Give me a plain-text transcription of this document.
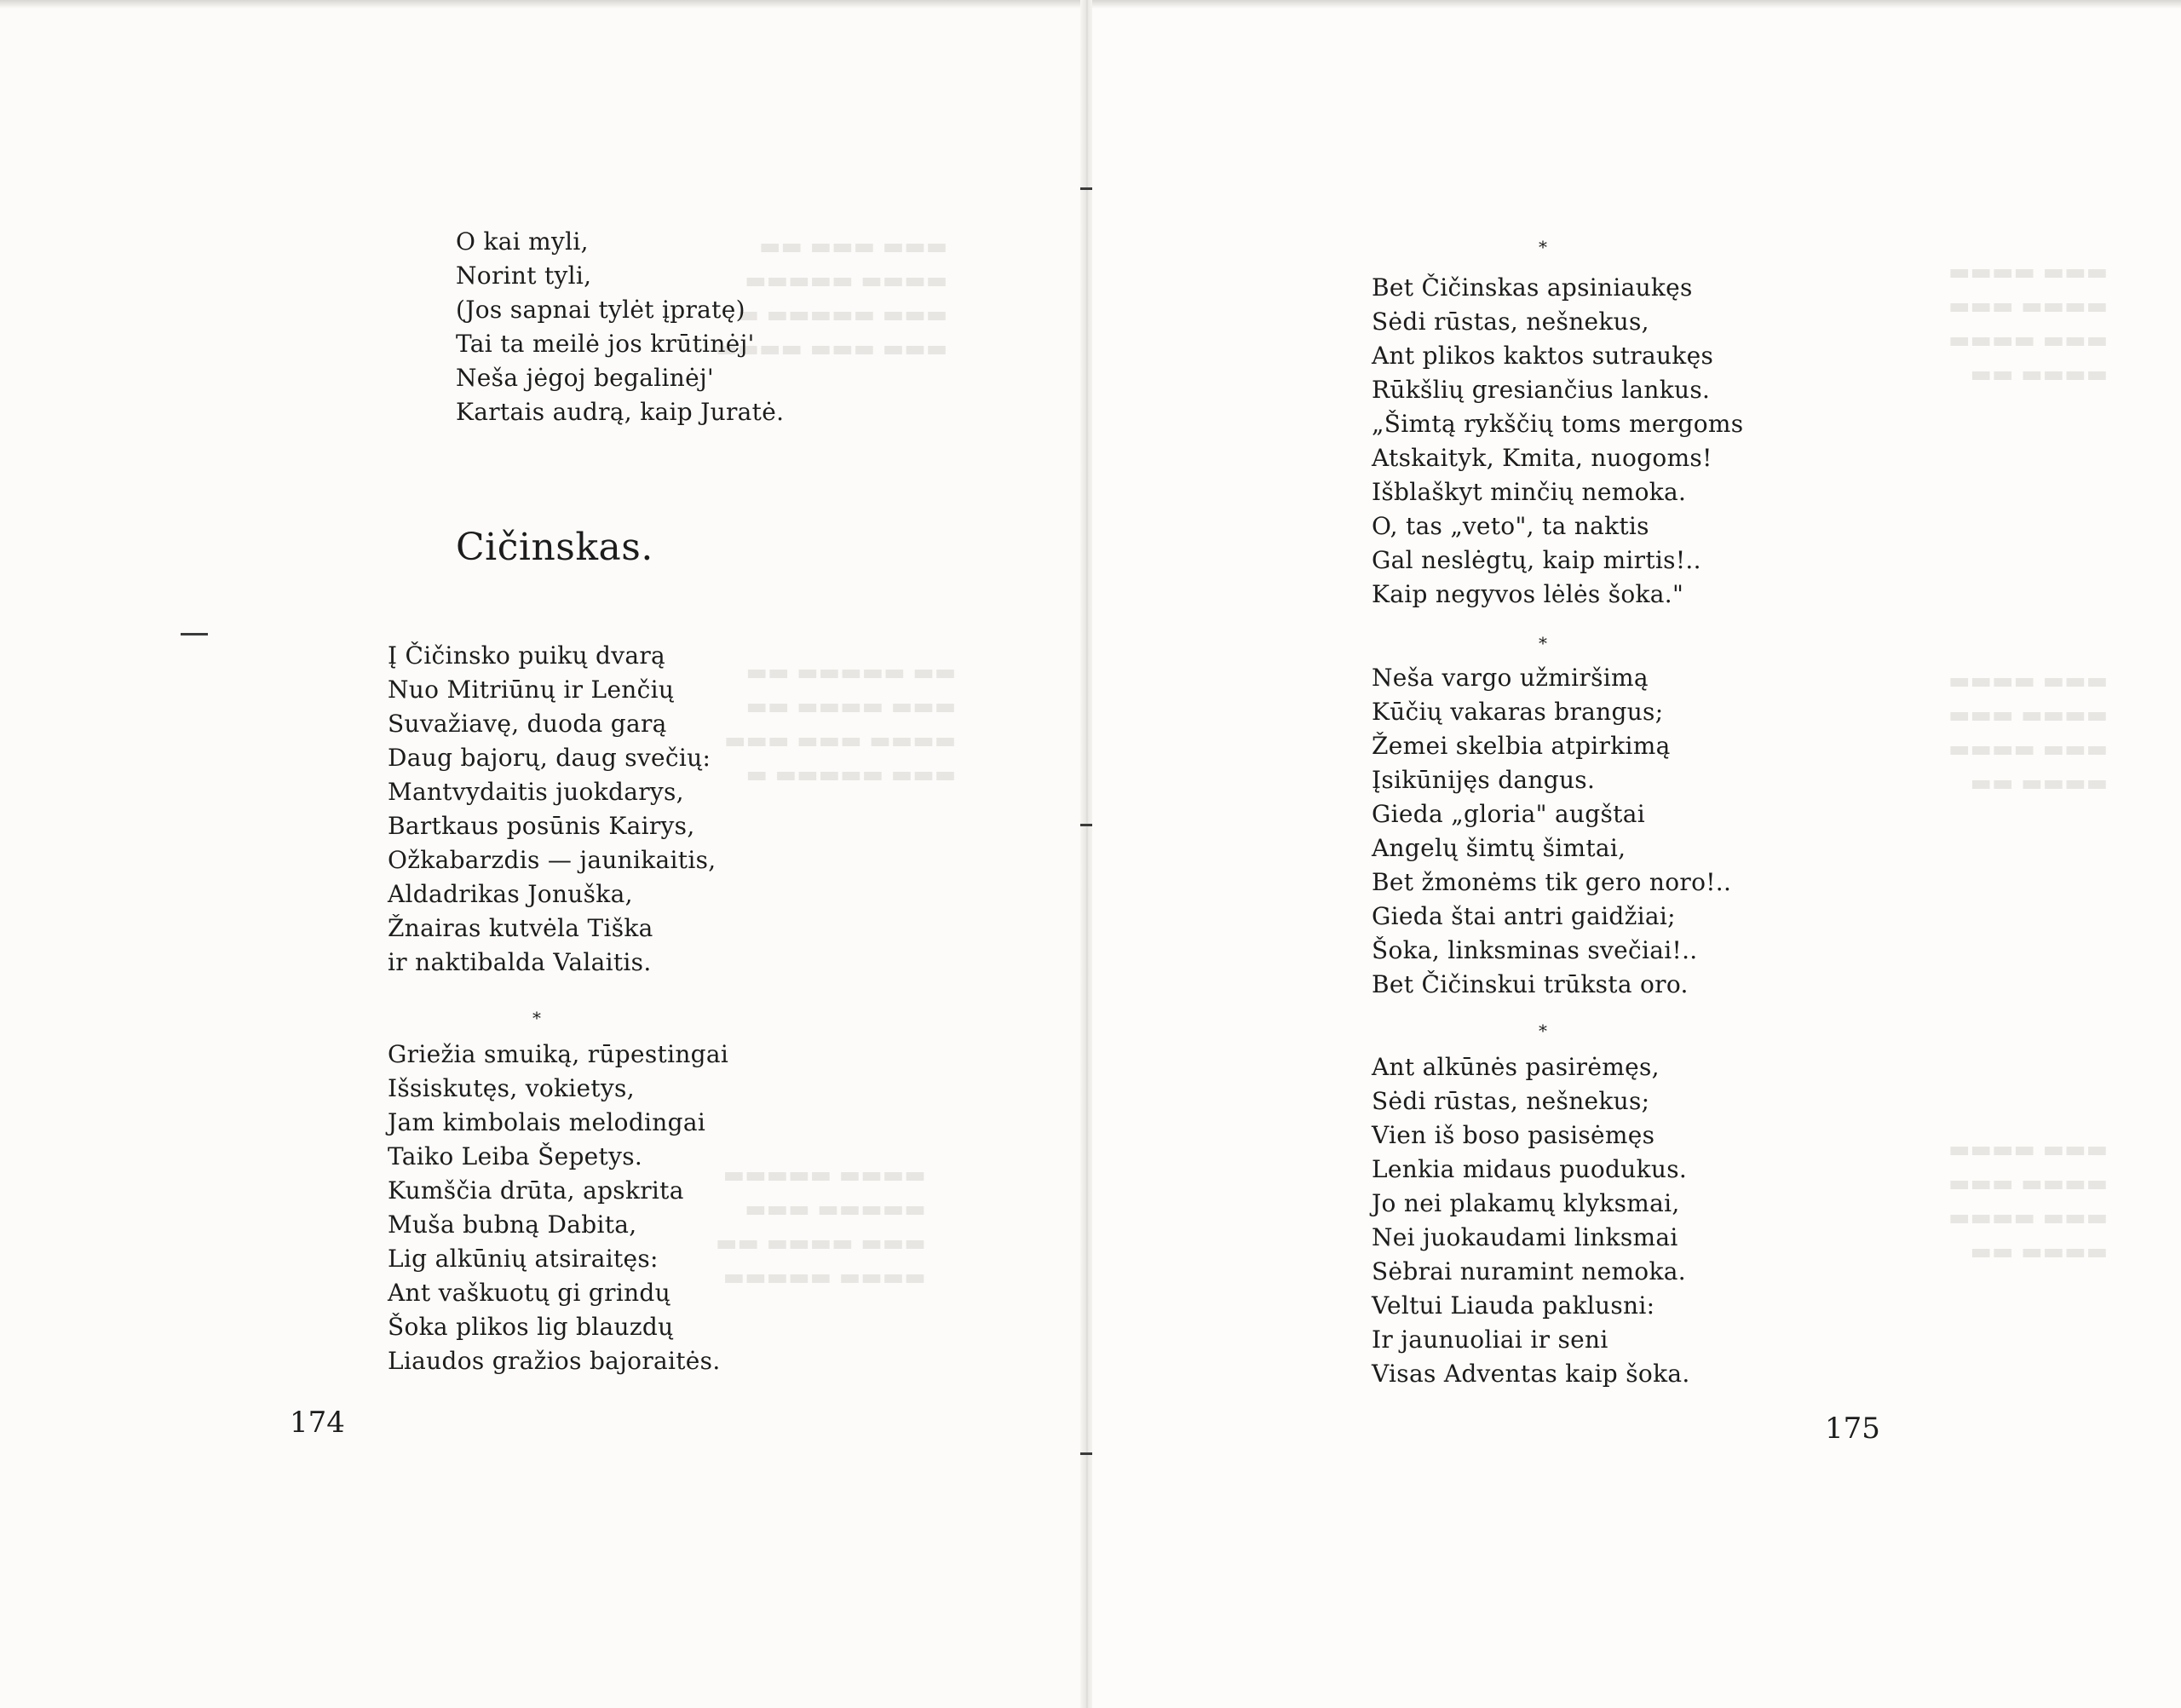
▬▬▬ ▬▬▬ ▬▬
▬▬▬▬ ▬▬▬▬▬
▬▬▬ ▬▬▬▬▬ ▬
▬▬▬ ▬▬▬ ▬▬▬▬
▬▬ ▬▬▬▬▬ ▬▬
▬▬▬ ▬▬▬▬ ▬▬
▬▬▬▬ ▬▬▬ ▬▬▬
▬▬▬ ▬▬▬▬▬ ▬
▬▬▬▬ ▬▬▬▬▬
▬▬▬▬▬ ▬▬▬
▬▬▬ ▬▬▬▬ ▬▬
▬▬▬▬ ▬▬▬▬▬
O kai myli,
Norint tyli,
(Jos sapnai tylėt įpratę)
Tai ta meilė jos krūtinėj'
Neša jėgoj begalinėj'
Kartais audrą, kaip Juratė.
Cičinskas.
Į Čičinsko puikų dvarą
Nuo Mitriūnų ir Lenčių
Suvažiavę, duoda garą
Daug bajorų, daug svečių:
Mantvydaitis juokdarys,
Bartkaus posūnis Kairys,
Ožkabarzdis — jaunikaitis,
Aldadrikas Jonuška,
Žnairas kutvėla Tiška
ir naktibalda Valaitis.
*
Griežia smuiką, rūpestingai
Išsiskutęs, vokietys,
Jam kimbolais melodingai
Taiko Leiba Šepetys.
Kumščia drūta, apskrita
Muša bubną Dabita,
Lig alkūnių atsiraitęs:
Ant vaškuotų gi grindų
Šoka plikos lig blauzdų
Liaudos gražios bajoraitės.
174
▬▬▬ ▬▬▬▬
▬▬▬▬ ▬▬▬
▬▬▬ ▬▬▬▬
▬▬▬▬ ▬▬
▬▬▬ ▬▬▬▬
▬▬▬▬ ▬▬▬
▬▬▬ ▬▬▬▬
▬▬▬▬ ▬▬
▬▬▬ ▬▬▬▬
▬▬▬▬ ▬▬▬
▬▬▬ ▬▬▬▬
▬▬▬▬ ▬▬
*
Bet Čičinskas apsiniaukęs
Sėdi rūstas, nešnekus,
Ant plikos kaktos sutraukęs
Rūkšlių gresiančius lankus.
„Šimtą rykščių toms mergoms
Atskaityk, Kmita, nuogoms!
Išblaškyt minčių nemoka.
O, tas „veto", ta naktis
Gal neslėgtų, kaip mirtis!..
Kaip negyvos lėlės šoka."
*
Neša vargo užmiršimą
Kūčių vakaras brangus;
Žemei skelbia atpirkimą
Įsikūnijęs dangus.
Gieda „gloria" augštai
Angelų šimtų šimtai,
Bet žmonėms tik gero noro!..
Gieda štai antri gaidžiai;
Šoka, linksminas svečiai!..
Bet Čičinskui trūksta oro.
*
Ant alkūnės pasirėmęs,
Sėdi rūstas, nešnekus;
Vien iš boso pasisėmęs
Lenkia midaus puodukus.
Jo nei plakamų klyksmai,
Nei juokaudami linksmai
Sėbrai nuramint nemoka.
Veltui Liauda paklusni:
Ir jaunuoliai ir seni
Visas Adventas kaip šoka.
175
